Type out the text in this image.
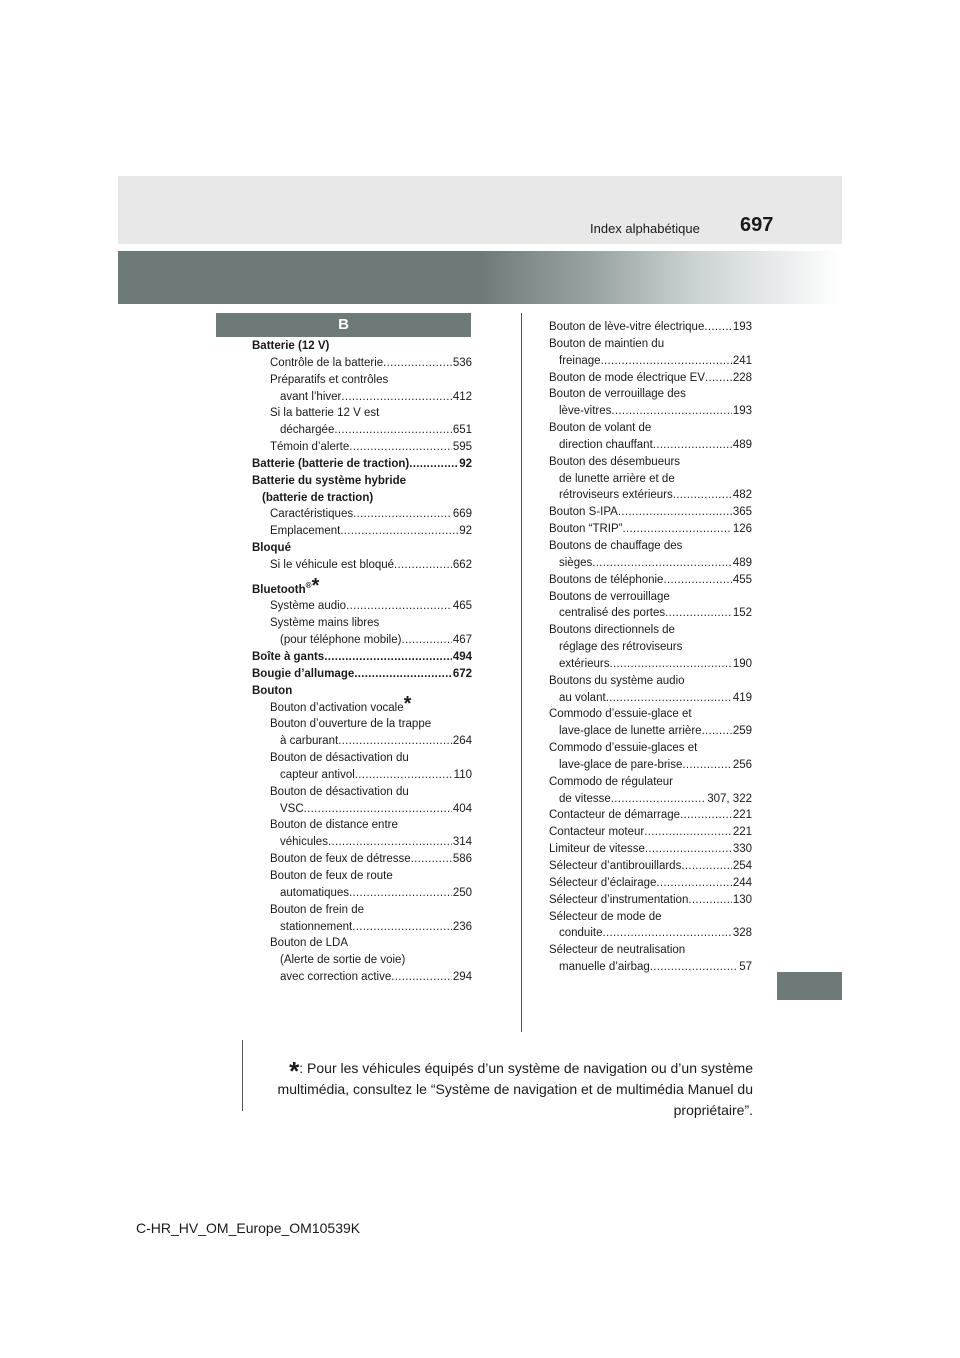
Index alphabétique 697
B
Batterie (12 V)
Contrôle de la batterie .....	536
Préparatifs et contrôles
avant l’hiver .....	412
Si la batterie 12 V est
déchargée .....	651
Témoin d’alerte .....	595
Batterie (batterie de traction) .....	92
Batterie du système hybride
(batterie de traction)
Caractéristiques .....	669
Emplacement .....	92
Bloqué
Si le véhicule est bloqué .....	662
Bluetooth®*
Système audio .....	465
Système mains libres
(pour téléphone mobile) .....	467
Boîte à gants .....	494
Bougie d’allumage .....	672
Bouton
Bouton d’activation vocale*
Bouton d’ouverture de la trappe
à carburant .....	264
Bouton de désactivation du
capteur antivol .....	110
Bouton de désactivation du
VSC .....	404
Bouton de distance entre
véhicules .....	314
Bouton de feux de détresse .....	586
Bouton de feux de route
automatiques .....	250
Bouton de frein de
stationnement .....	236
Bouton de LDA
(Alerte de sortie de voie)
avec correction active .....	294
Bouton de lève-vitre électrique ..... 193
Bouton de maintien du
freinage .....	241
Bouton de mode électrique EV ..... 228
Bouton de verrouillage des
lève-vitres .....	193
Bouton de volant de
direction chauffant .....	489
Bouton des désembueurs
de lunette arrière et de
rétroviseurs extérieurs .....	482
Bouton S-IPA .....	365
Bouton “TRIP” .....	126
Boutons de chauffage des
sièges .....	489
Boutons de téléphonie .....	455
Boutons de verrouillage
centralisé des portes .....	152
Boutons directionnels de
réglage des rétroviseurs
extérieurs .....	190
Boutons du système audio
au volant .....	419
Commodo d’essuie-glace et
lave-glace de lunette arrière .....	259
Commodo d’essuie-glaces et
lave-glace de pare-brise .....	256
Commodo de régulateur
de vitesse .....	307, 322
Contacteur de démarrage .....	221
Contacteur moteur .....	221
Limiteur de vitesse .....	330
Sélecteur d’antibrouillards .....	254
Sélecteur d’éclairage .....	244
Sélecteur d’instrumentation .....	130
Sélecteur de mode de
conduite .....	328
Sélecteur de neutralisation
manuelle d’airbag .....	57
*: Pour les véhicules équipés d’un système de navigation ou d’un système
multimédia, consultez le “Système de navigation et de multimédia Manuel du
propriétaire”.
C-HR_HV_OM_Europe_OM10539K
